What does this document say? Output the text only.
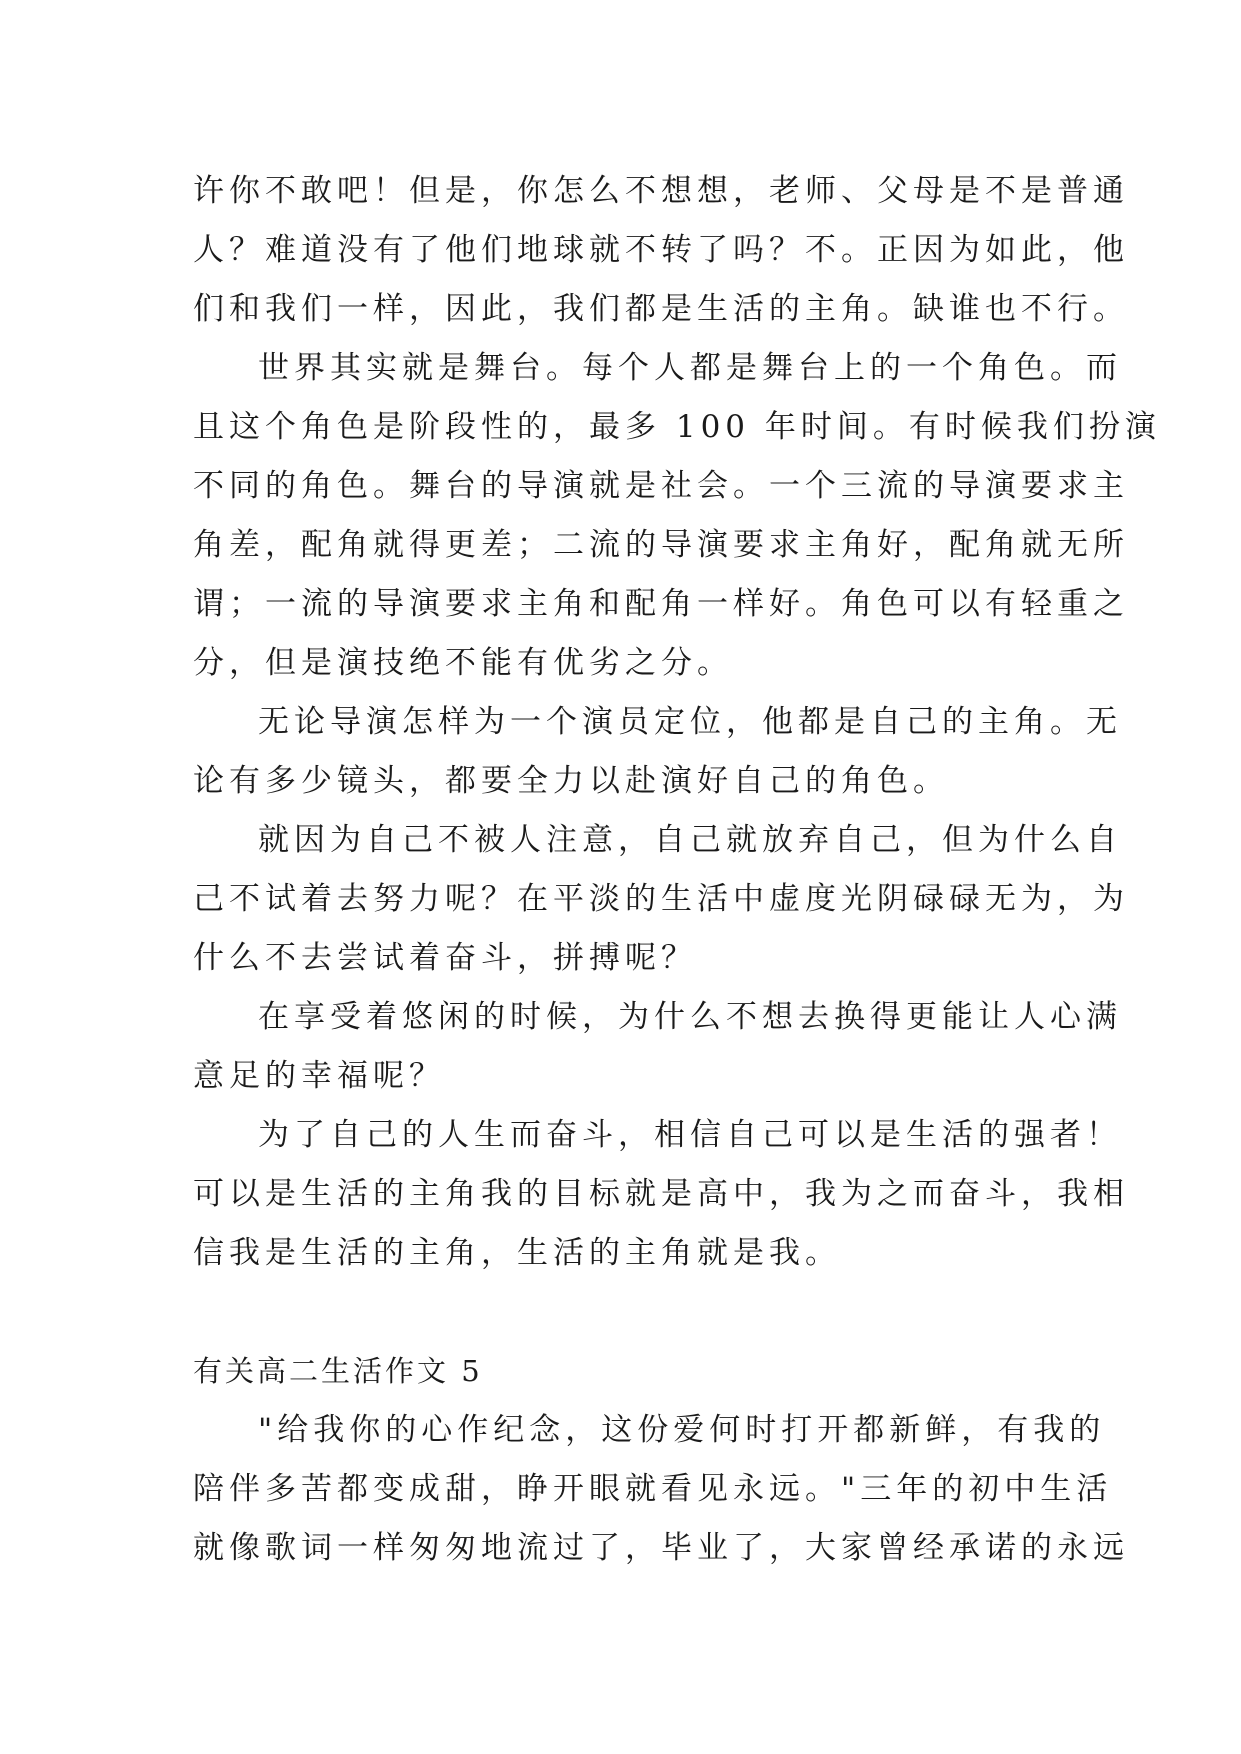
许你不敢吧！但是，你怎么不想想，老师、父母是不是普通
人？难道没有了他们地球就不转了吗？不。正因为如此，他
们和我们一样，因此，我们都是生活的主角。缺谁也不行。
世界其实就是舞台。每个人都是舞台上的一个角色。而
且这个角色是阶段性的，最多 100 年时间。有时候我们扮演
不同的角色。舞台的导演就是社会。一个三流的导演要求主
角差，配角就得更差；二流的导演要求主角好，配角就无所
谓；一流的导演要求主角和配角一样好。角色可以有轻重之
分，但是演技绝不能有优劣之分。
无论导演怎样为一个演员定位，他都是自己的主角。无
论有多少镜头，都要全力以赴演好自己的角色。
就因为自己不被人注意，自己就放弃自己，但为什么自
己不试着去努力呢？在平淡的生活中虚度光阴碌碌无为，为
什么不去尝试着奋斗，拼搏呢？
在享受着悠闲的时候，为什么不想去换得更能让人心满
意足的幸福呢？
为了自己的人生而奋斗，相信自己可以是生活的强者！
可以是生活的主角我的目标就是高中，我为之而奋斗，我相
信我是生活的主角，生活的主角就是我。
有关高二生活作文 5
"给我你的心作纪念，这份爱何时打开都新鲜，有我的
陪伴多苦都变成甜，睁开眼就看见永远。"三年的初中生活
就像歌词一样匆匆地流过了，毕业了，大家曾经承诺的永远
